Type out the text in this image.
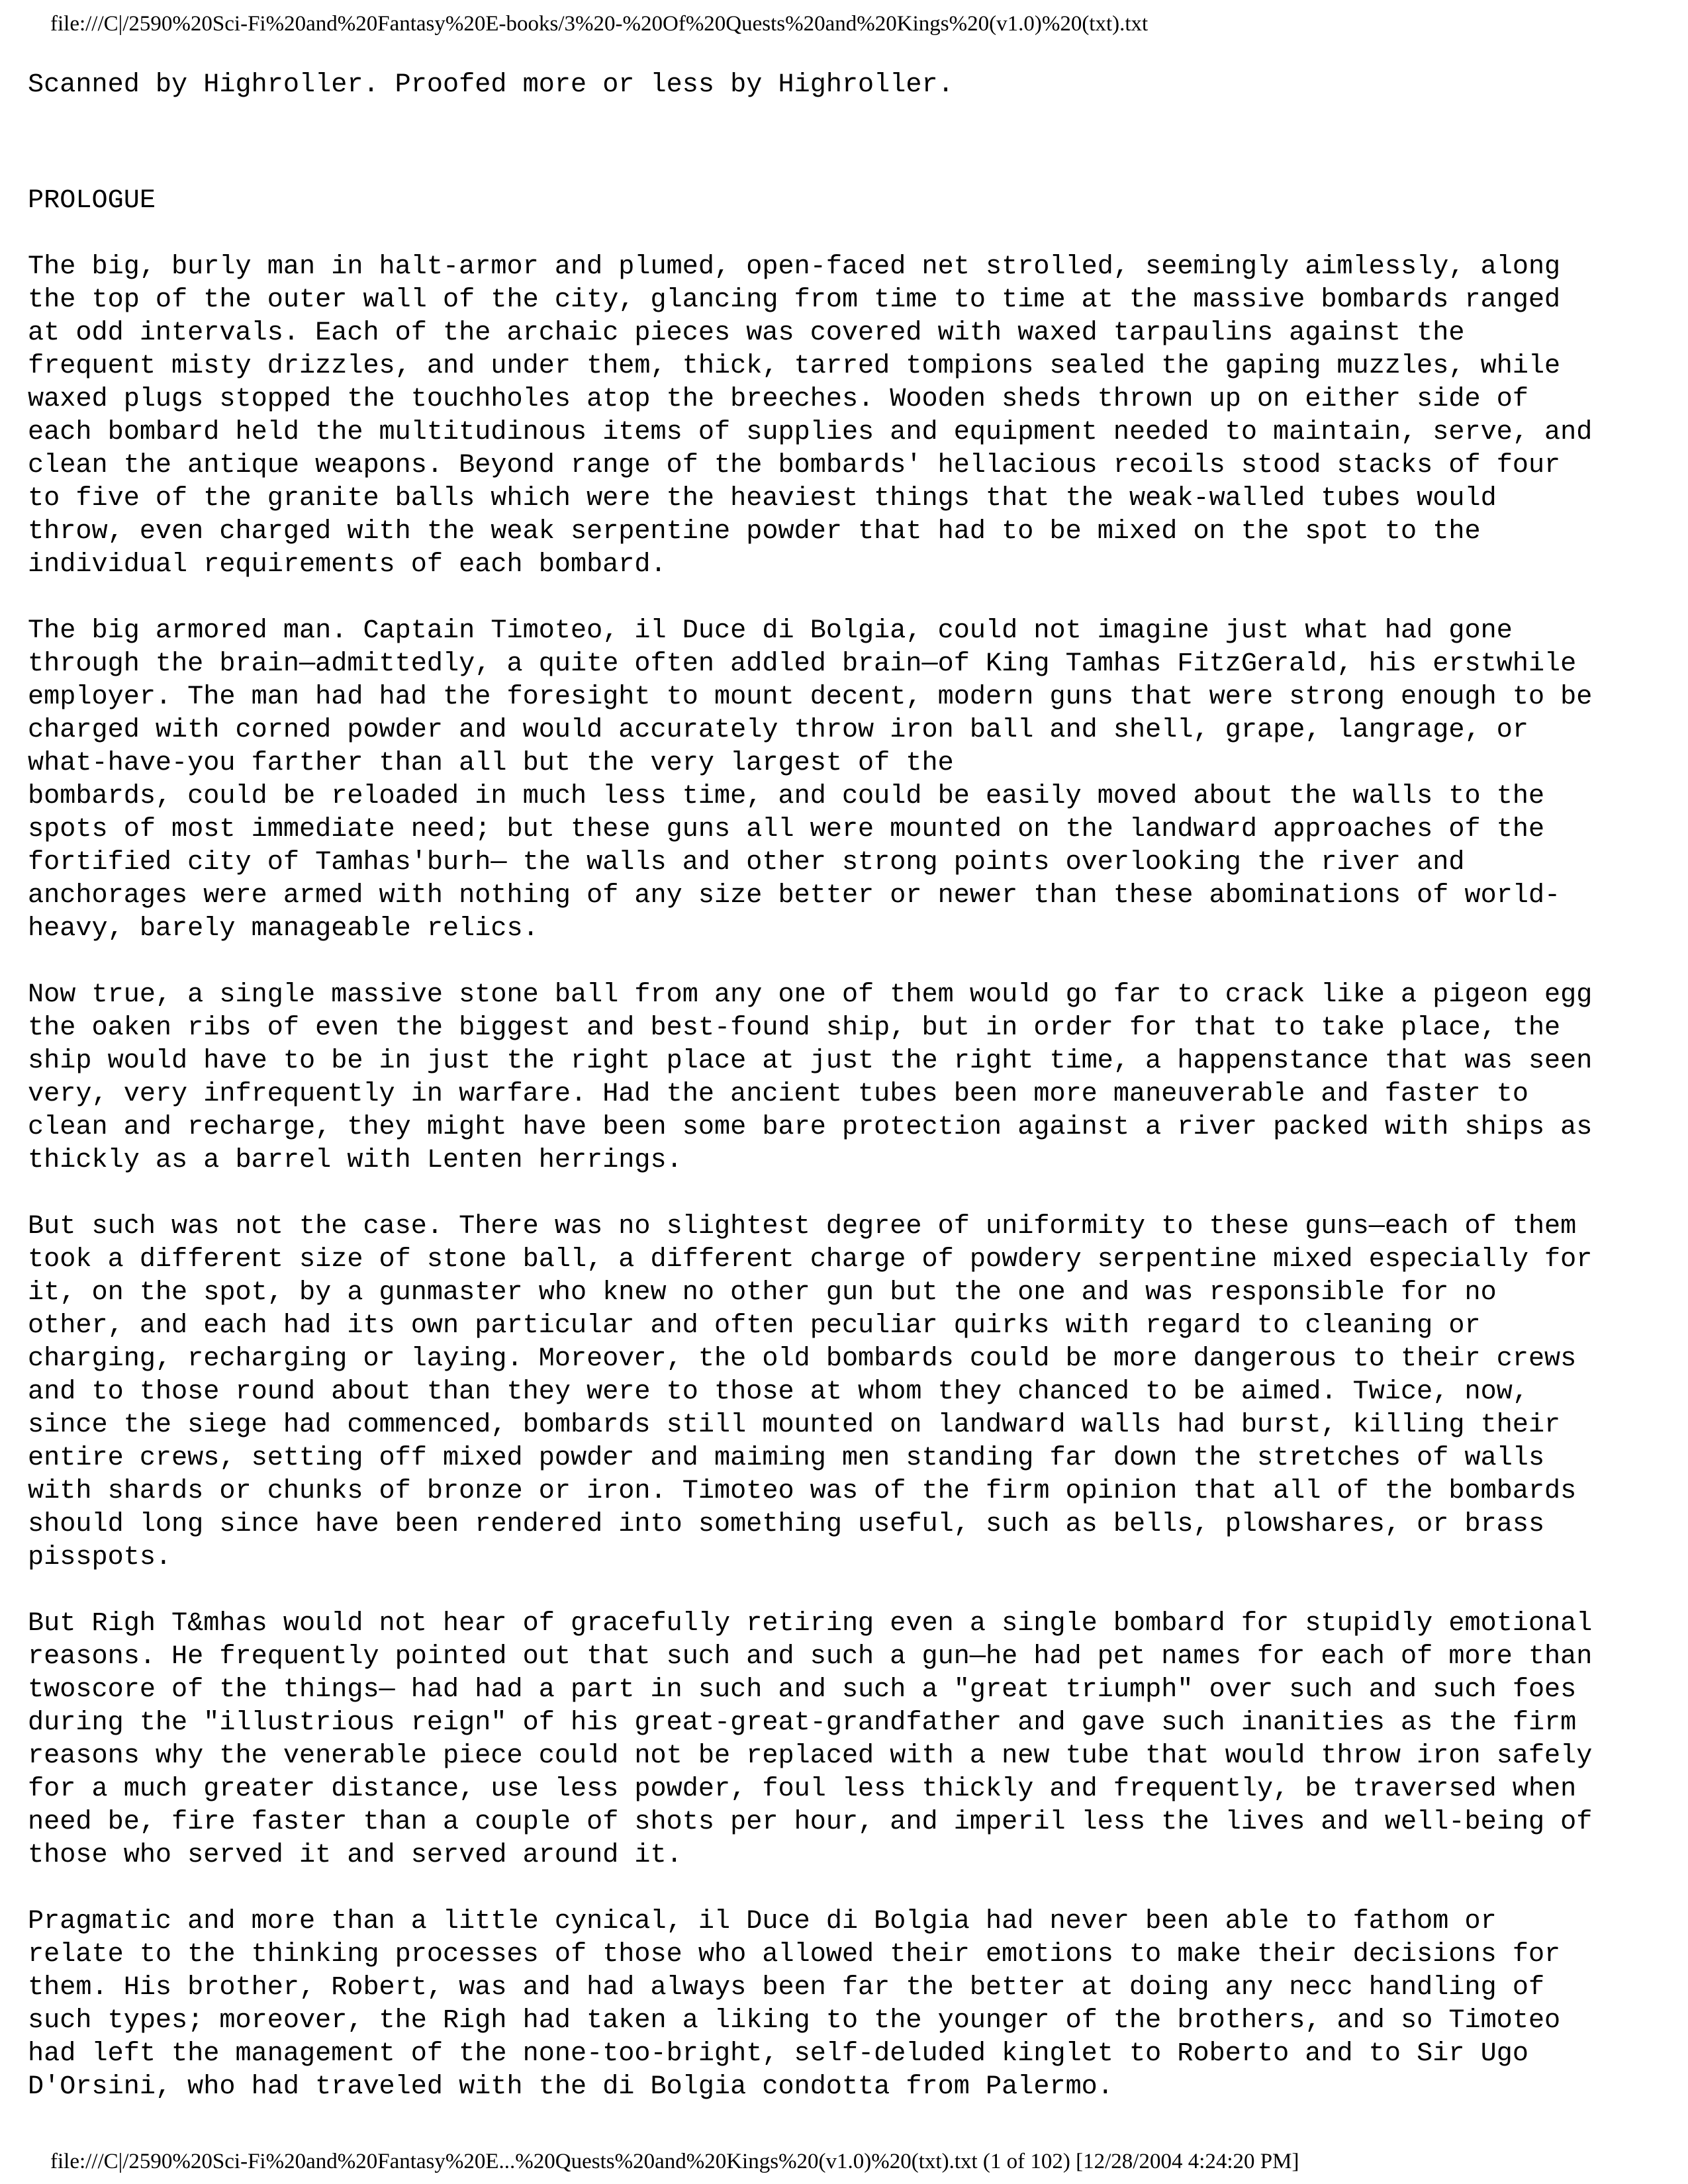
file:///C|/2590%20Sci-Fi%20and%20Fantasy%20E-books/3%20-%20Of%20Quests%20and%20Kings%20(v1.0)%20(txt).txt
Scanned by Highroller. Proofed more or less by Highroller.
PROLOGUE
The big, burly man in halt-armor and plumed, open-faced net strolled, seemingly aimlessly, along
the top of the outer wall of the city, glancing from time to time at the massive bombards ranged
at odd intervals. Each of the archaic pieces was covered with waxed tarpaulins against the
frequent misty drizzles, and under them, thick, tarred tompions sealed the gaping muzzles, while
waxed plugs stopped the touchholes atop the breeches. Wooden sheds thrown up on either side of
each bombard held the multitudinous items of supplies and equipment needed to maintain, serve, and
clean the antique weapons. Beyond range of the bombards' hellacious recoils stood stacks of four
to five of the granite balls which were the heaviest things that the weak-walled tubes would
throw, even charged with the weak serpentine powder that had to be mixed on the spot to the
individual requirements of each bombard.
The big armored man. Captain Timoteo, il Duce di Bolgia, could not imagine just what had gone
through the brain—admittedly, a quite often addled brain—of King Tamhas FitzGerald, his erstwhile
employer. The man had had the foresight to mount decent, modern guns that were strong enough to be
charged with corned powder and would accurately throw iron ball and shell, grape, langrage, or
what-have-you farther than all but the very largest of the
bombards, could be reloaded in much less time, and could be easily moved about the walls to the
spots of most immediate need; but these guns all were mounted on the landward approaches of the
fortified city of Tamhas'burh— the walls and other strong points overlooking the river and
anchorages were armed with nothing of any size better or newer than these abominations of world-
heavy, barely manageable relics.
Now true, a single massive stone ball from any one of them would go far to crack like a pigeon egg
the oaken ribs of even the biggest and best-found ship, but in order for that to take place, the
ship would have to be in just the right place at just the right time, a happenstance that was seen
very, very infrequently in warfare. Had the ancient tubes been more maneuverable and faster to
clean and recharge, they might have been some bare protection against a river packed with ships as
thickly as a barrel with Lenten herrings.
But such was not the case. There was no slightest degree of uniformity to these guns—each of them
took a different size of stone ball, a different charge of powdery serpentine mixed especially for
it, on the spot, by a gunmaster who knew no other gun but the one and was responsible for no
other, and each had its own particular and often peculiar quirks with regard to cleaning or
charging, recharging or laying. Moreover, the old bombards could be more dangerous to their crews
and to those round about than they were to those at whom they chanced to be aimed. Twice, now,
since the siege had commenced, bombards still mounted on landward walls had burst, killing their
entire crews, setting off mixed powder and maiming men standing far down the stretches of walls
with shards or chunks of bronze or iron. Timoteo was of the firm opinion that all of the bombards
should long since have been rendered into something useful, such as bells, plowshares, or brass
pisspots.
But Righ T&mhas would not hear of gracefully retiring even a single bombard for stupidly emotional
reasons. He frequently pointed out that such and such a gun—he had pet names for each of more than
twoscore of the things— had had a part in such and such a "great triumph" over such and such foes
during the "illustrious reign" of his great-great-grandfather and gave such inanities as the firm
reasons why the venerable piece could not be replaced with a new tube that would throw iron safely
for a much greater distance, use less powder, foul less thickly and frequently, be traversed when
need be, fire faster than a couple of shots per hour, and imperil less the lives and well-being of
those who served it and served around it.
Pragmatic and more than a little cynical, il Duce di Bolgia had never been able to fathom or
relate to the thinking processes of those who allowed their emotions to make their decisions for
them. His brother, Robert, was and had always been far the better at doing any necc handling of
such types; moreover, the Righ had taken a liking to the younger of the brothers, and so Timoteo
had left the management of the none-too-bright, self-deluded kinglet to Roberto and to Sir Ugo
D'Orsini, who had traveled with the di Bolgia condotta from Palermo.
file:///C|/2590%20Sci-Fi%20and%20Fantasy%20E...%20Quests%20and%20Kings%20(v1.0)%20(txt).txt (1 of 102) [12/28/2004 4:24:20 PM]
